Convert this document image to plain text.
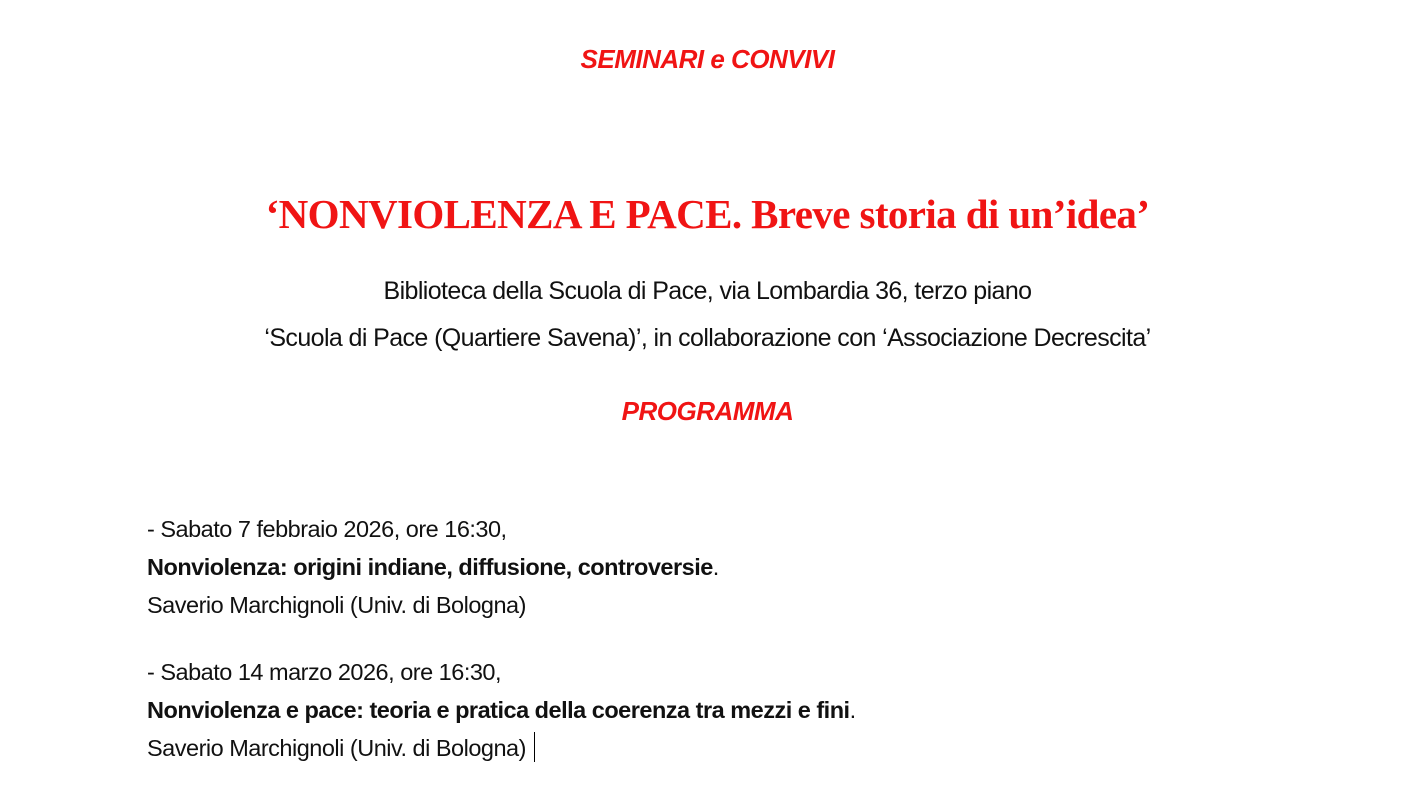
SEMINARI e CONVIVI
‘NONVIOLENZA E PACE. Breve storia di un’idea’
Biblioteca della Scuola di Pace, via Lombardia 36, terzo piano
‘Scuola di Pace (Quartiere Savena)’, in collaborazione con ‘Associazione Decrescita’
PROGRAMMA
- Sabato 7 febbraio 2026, ore 16:30,
Nonviolenza: origini indiane, diffusione, controversie.
Saverio Marchignoli (Univ. di Bologna)
- Sabato 14 marzo 2026, ore 16:30,
Nonviolenza e pace: teoria e pratica della coerenza tra mezzi e fini.
Saverio Marchignoli (Univ. di Bologna)
